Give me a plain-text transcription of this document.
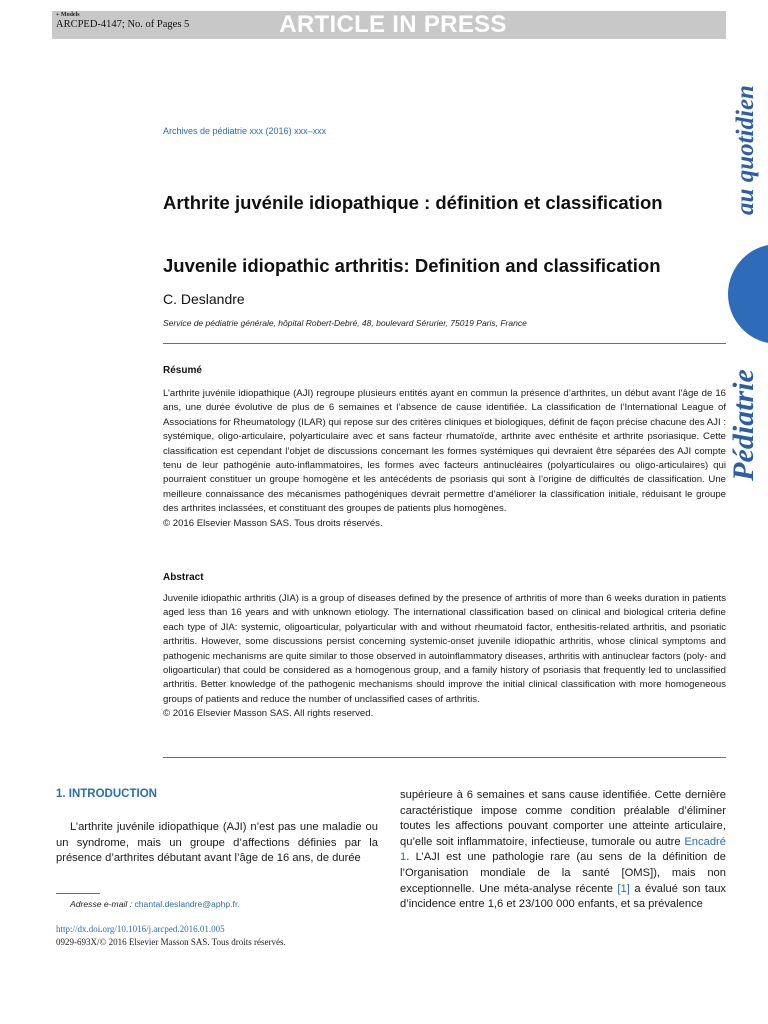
+ Models
ARCPED-4147; No. of Pages 5	ARTICLE IN PRESS
au quotidien
Pédiatrie
Archives de pédiatrie xxx (2016) xxx–xxx
Arthrite juvénile idiopathique : définition et classification
Juvenile idiopathic arthritis: Definition and classification
C. Deslandre
Service de pédiatrie générale, hôpital Robert-Debré, 48, boulevard Sérurier, 75019 Paris, France
Résumé
L’arthrite juvénile idiopathique (AJI) regroupe plusieurs entités ayant en commun la présence d’arthrites, un début avant l’âge de 16 ans, une durée évolutive de plus de 6 semaines et l’absence de cause identifiée. La classification de l’International League of Associations for Rheumatology (ILAR) qui repose sur des critères cliniques et biologiques, définit de façon précise chacune des AJI : systémique, oligo-articulaire, polyarticulaire avec et sans facteur rhumatoïde, arthrite avec enthésite et arthrite psoriasique. Cette classification est cependant l’objet de discussions concernant les formes systémiques qui devraient être séparées des AJI compte tenu de leur pathogénie auto-inflammatoires, les formes avec facteurs antinucléaires (polyarticulaires ou oligo-articulaires) qui pourraient constituer un groupe homogène et les antécédents de psoriasis qui sont à l’origine de difficultés de classification. Une meilleure connaissance des mécanismes pathogéniques devrait permettre d’améliorer la classification initiale, réduisant le groupe des arthrites inclassées, et constituant des groupes de patients plus homogènes.
© 2016 Elsevier Masson SAS. Tous droits réservés.
Abstract
Juvenile idiopathic arthritis (JIA) is a group of diseases defined by the presence of arthritis of more than 6 weeks duration in patients aged less than 16 years and with unknown etiology. The international classification based on clinical and biological criteria define each type of JIA: systemic, oligoarticular, polyarticular with and without rheumatoid factor, enthesitis-related arthritis, and psoriatic arthritis. However, some discussions persist concerning systemic-onset juvenile idiopathic arthritis, whose clinical symptoms and pathogenic mechanisms are quite similar to those observed in autoinflammatory diseases, arthritis with antinuclear factors (poly- and oligoarticular) that could be considered as a homogenous group, and a family history of psoriasis that frequently led to unclassified arthritis. Better knowledge of the pathogenic mechanisms should improve the initial clinical classification with more homogeneous groups of patients and reduce the number of unclassified cases of arthritis.
© 2016 Elsevier Masson SAS. All rights reserved.
1. INTRODUCTION
L’arthrite juvénile idiopathique (AJI) n’est pas une maladie ou un syndrome, mais un groupe d’affections définies par la présence d’arthrites débutant avant l’âge de 16 ans, de durée
supérieure à 6 semaines et sans cause identifiée. Cette dernière caractéristique impose comme condition préalable d’éliminer toutes les affections pouvant comporter une atteinte articulaire, qu’elle soit inflammatoire, infectieuse, tumorale ou autre Encadré 1. L’AJI est une pathologie rare (au sens de la définition de l’Organisation mondiale de la santé [OMS]), mais non exceptionnelle. Une méta-analyse récente [1] a évalué son taux d’incidence entre 1,6 et 23/100 000 enfants, et sa prévalence
Adresse e-mail : chantal.deslandre@aphp.fr.
http://dx.doi.org/10.1016/j.arcped.2016.01.005
0929-693X/© 2016 Elsevier Masson SAS. Tous droits réservés.
